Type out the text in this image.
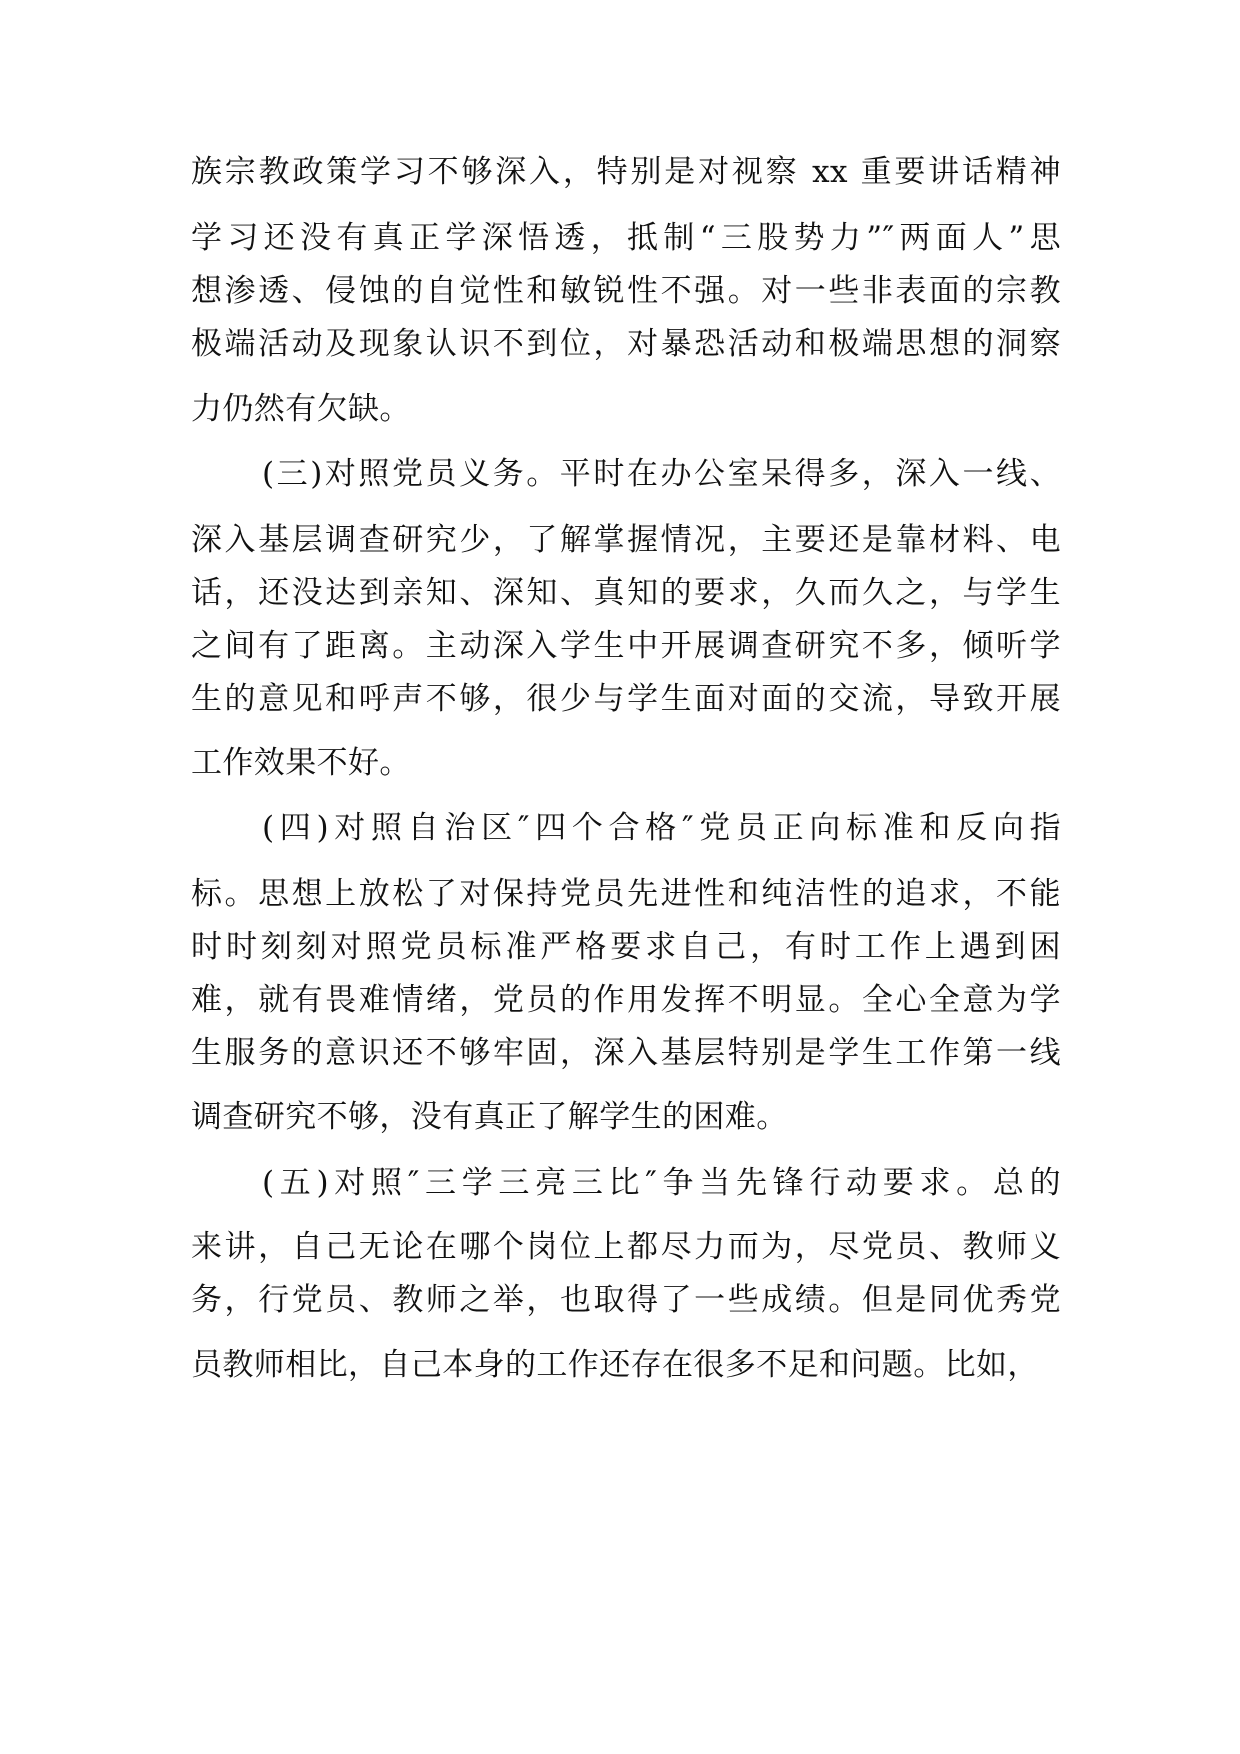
族宗教政策学习不够深入，特别是对视察 xx 重要讲话精神
学习还没有真正学深悟透，抵制“三股势力”″两面人”思
想渗透、侵蚀的自觉性和敏锐性不强。对一些非表面的宗教
极端活动及现象认识不到位，对暴恐活动和极端思想的洞察
力仍然有欠缺。
(三)对照党员义务。平时在办公室呆得多，深入一线、
深入基层调查研究少，了解掌握情况，主要还是靠材料、电
话，还没达到亲知、深知、真知的要求，久而久之，与学生
之间有了距离。主动深入学生中开展调查研究不多，倾听学
生的意见和呼声不够，很少与学生面对面的交流，导致开展
工作效果不好。
(四)对照自治区″四个合格″党员正向标准和反向指
标。思想上放松了对保持党员先进性和纯洁性的追求，不能
时时刻刻对照党员标准严格要求自己，有时工作上遇到困
难，就有畏难情绪，党员的作用发挥不明显。全心全意为学
生服务的意识还不够牢固，深入基层特别是学生工作第一线
调查研究不够，没有真正了解学生的困难。
(五)对照″三学三亮三比″争当先锋行动要求。总的
来讲，自己无论在哪个岗位上都尽力而为，尽党员、教师义
务，行党员、教师之举，也取得了一些成绩。但是同优秀党
员教师相比，自己本身的工作还存在很多不足和问题。比如，
